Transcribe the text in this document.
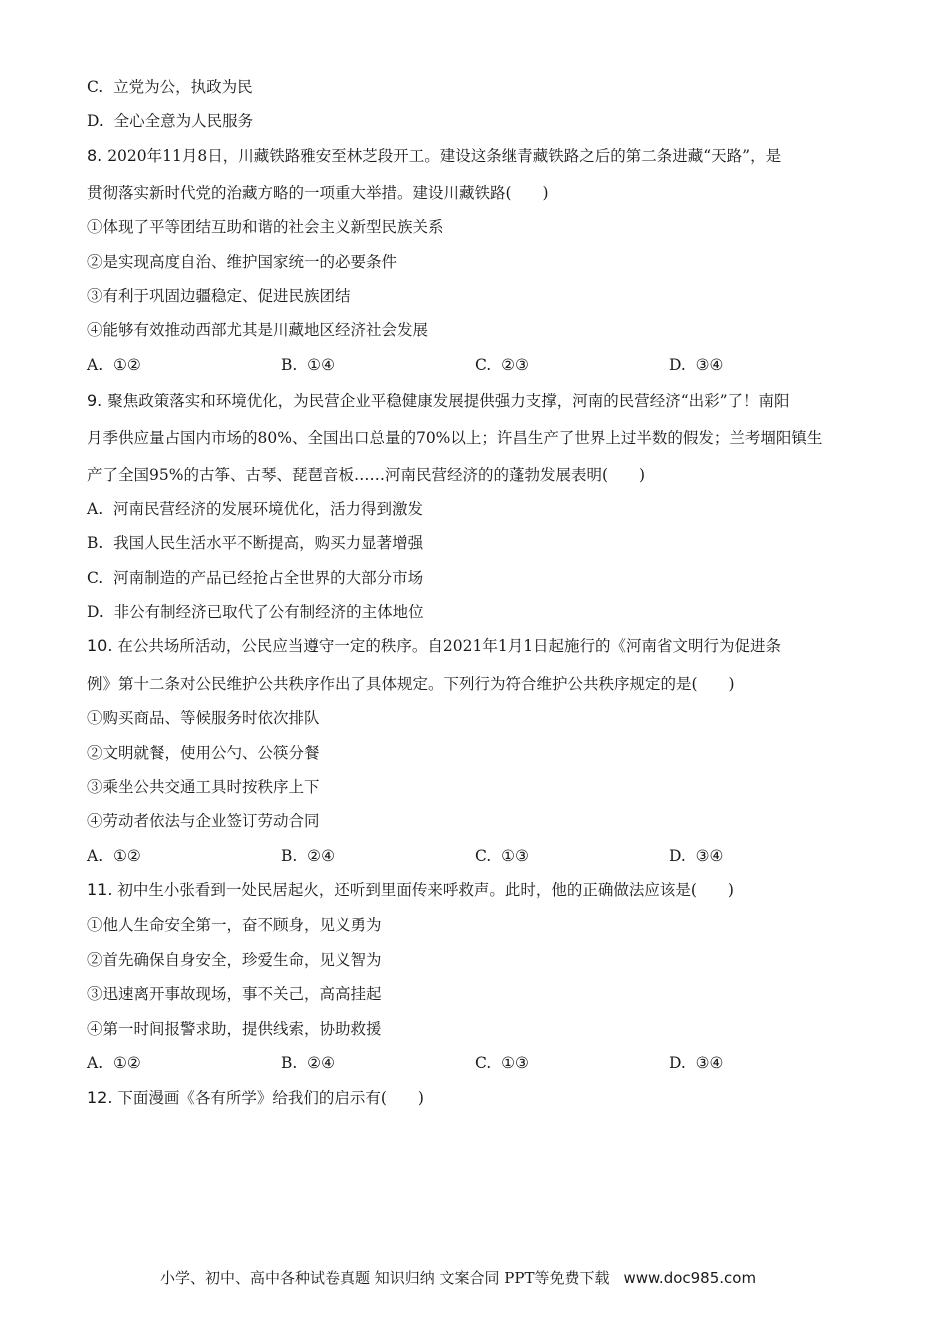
C.  立党为公，执政为民
D.  全心全意为人民服务
8. 2020年11月8日，川藏铁路雅安至林芝段开工。建设这条继青藏铁路之后的第二条进藏“天路”，是
贯彻落实新时代党的治藏方略的一项重大举措。建设川藏铁路(　　)
①体现了平等团结互助和谐的社会主义新型民族关系
②是实现高度自治、维护国家统一的必要条件
③有利于巩固边疆稳定、促进民族团结
④能够有效推动西部尤其是川藏地区经济社会发展
A.  ①②	B.  ①④	C.  ②③	D.  ③④
9. 聚焦政策落实和环境优化，为民营企业平稳健康发展提供强力支撑，河南的民营经济“出彩”了！南阳
月季供应量占国内市场的80%、全国出口总量的70%以上；许昌生产了世界上过半数的假发；兰考堌阳镇生
产了全国95%的古筝、古琴、琵琶音板……河南民营经济的的蓬勃发展表明(　　)
A.  河南民营经济的发展环境优化，活力得到激发
B.  我国人民生活水平不断提高，购买力显著增强
C.  河南制造的产品已经抢占全世界的大部分市场
D.  非公有制经济已取代了公有制经济的主体地位
10. 在公共场所活动，公民应当遵守一定的秩序。自2021年1月1日起施行的《河南省文明行为促进条
例》第十二条对公民维护公共秩序作出了具体规定。下列行为符合维护公共秩序规定的是(　　)
①购买商品、等候服务时依次排队
②文明就餐，使用公勺、公筷分餐
③乘坐公共交通工具时按秩序上下
④劳动者依法与企业签订劳动合同
A.  ①②	B.  ②④	C.  ①③	D.  ③④
11. 初中生小张看到一处民居起火，还听到里面传来呼救声。此时，他的正确做法应该是(　　)
①他人生命安全第一，奋不顾身，见义勇为
②首先确保自身安全，珍爱生命，见义智为
③迅速离开事故现场，事不关己，高高挂起
④第一时间报警求助，提供线索，协助救援
A.  ①②	B.  ②④	C.  ①③	D.  ③④
12. 下面漫画《各有所学》给我们的启示有(　　)
小学、初中、高中各种试卷真题 知识归纳 文案合同 PPT等免费下载 www.doc985.com
